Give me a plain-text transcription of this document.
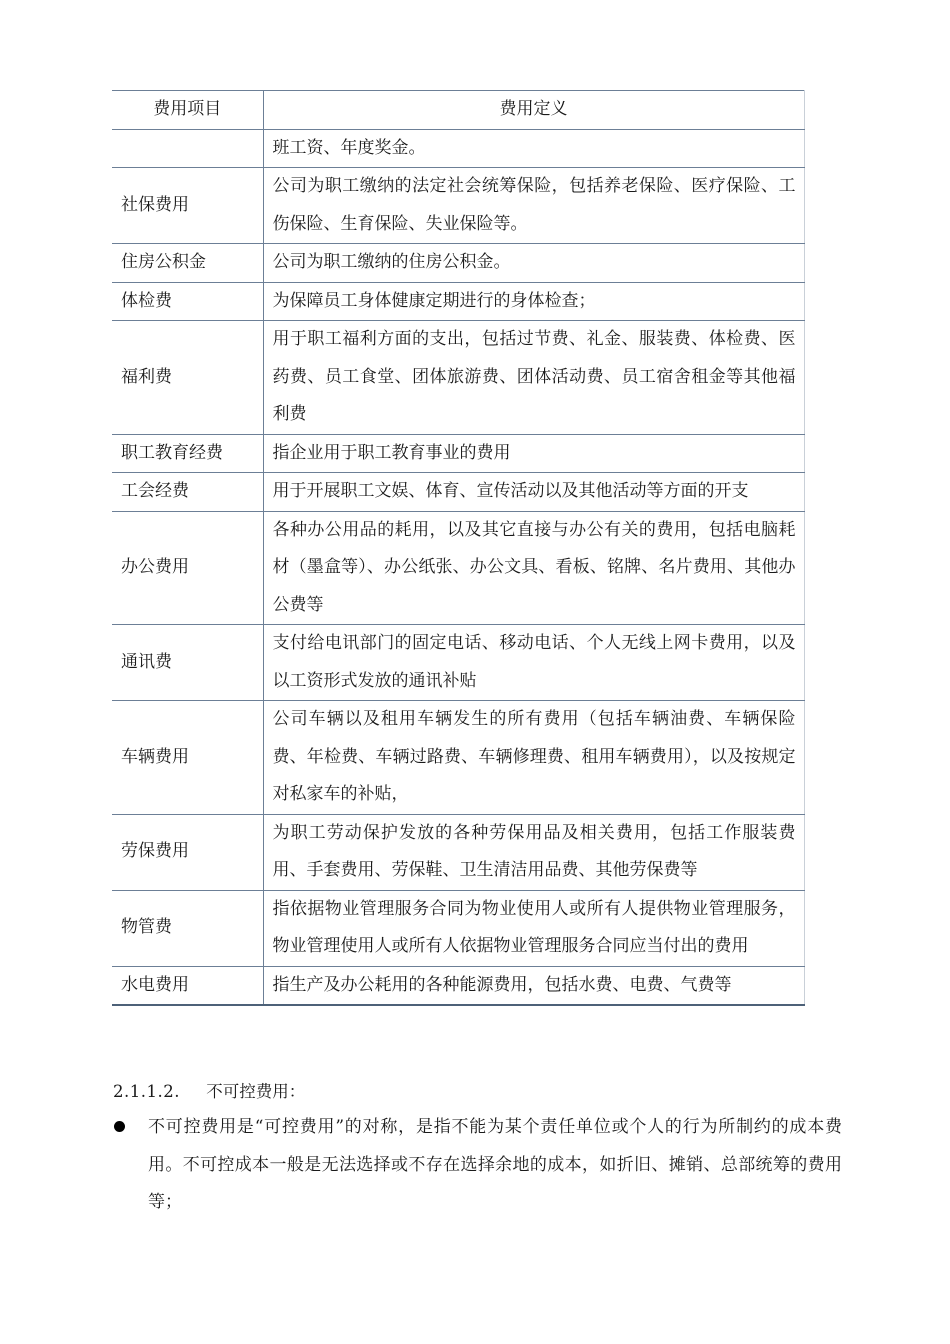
费用项目	费用定义
	班工资、年度奖金。
社保费用	公司为职工缴纳的法定社会统筹保险，包括养老保险、医疗保险、工伤保险、生育保险、失业保险等。
住房公积金	公司为职工缴纳的住房公积金。
体检费	为保障员工身体健康定期进行的身体检查；
福利费	用于职工福利方面的支出，包括过节费、礼金、服装费、体检费、医药费、员工食堂、团体旅游费、团体活动费、员工宿舍租金等其他福利费
职工教育经费	指企业用于职工教育事业的费用
工会经费	用于开展职工文娱、体育、宣传活动以及其他活动等方面的开支
办公费用	各种办公用品的耗用，以及其它直接与办公有关的费用，包括电脑耗材（墨盒等）、办公纸张、办公文具、看板、铭牌、名片费用、其他办公费等
通讯费	支付给电讯部门的固定电话、移动电话、个人无线上网卡费用，以及以工资形式发放的通讯补贴
车辆费用	公司车辆以及租用车辆发生的所有费用（包括车辆油费、车辆保险费、年检费、车辆过路费、车辆修理费、租用车辆费用），以及按规定对私家车的补贴，
劳保费用	为职工劳动保护发放的各种劳保用品及相关费用，包括工作服装费用、手套费用、劳保鞋、卫生清洁用品费、其他劳保费等
物管费	指依据物业管理服务合同为物业使用人或所有人提供物业管理服务，物业管理使用人或所有人依据物业管理服务合同应当付出的费用
水电费用	指生产及办公耗用的各种能源费用，包括水费、电费、气费等
2.1.1.2. 不可控费用：
不可控费用是“可控费用”的对称，是指不能为某个责任单位或个人的行为所制约的成本费用。不可控成本一般是无法选择或不存在选择余地的成本，如折旧、摊销、总部统筹的费用等；
